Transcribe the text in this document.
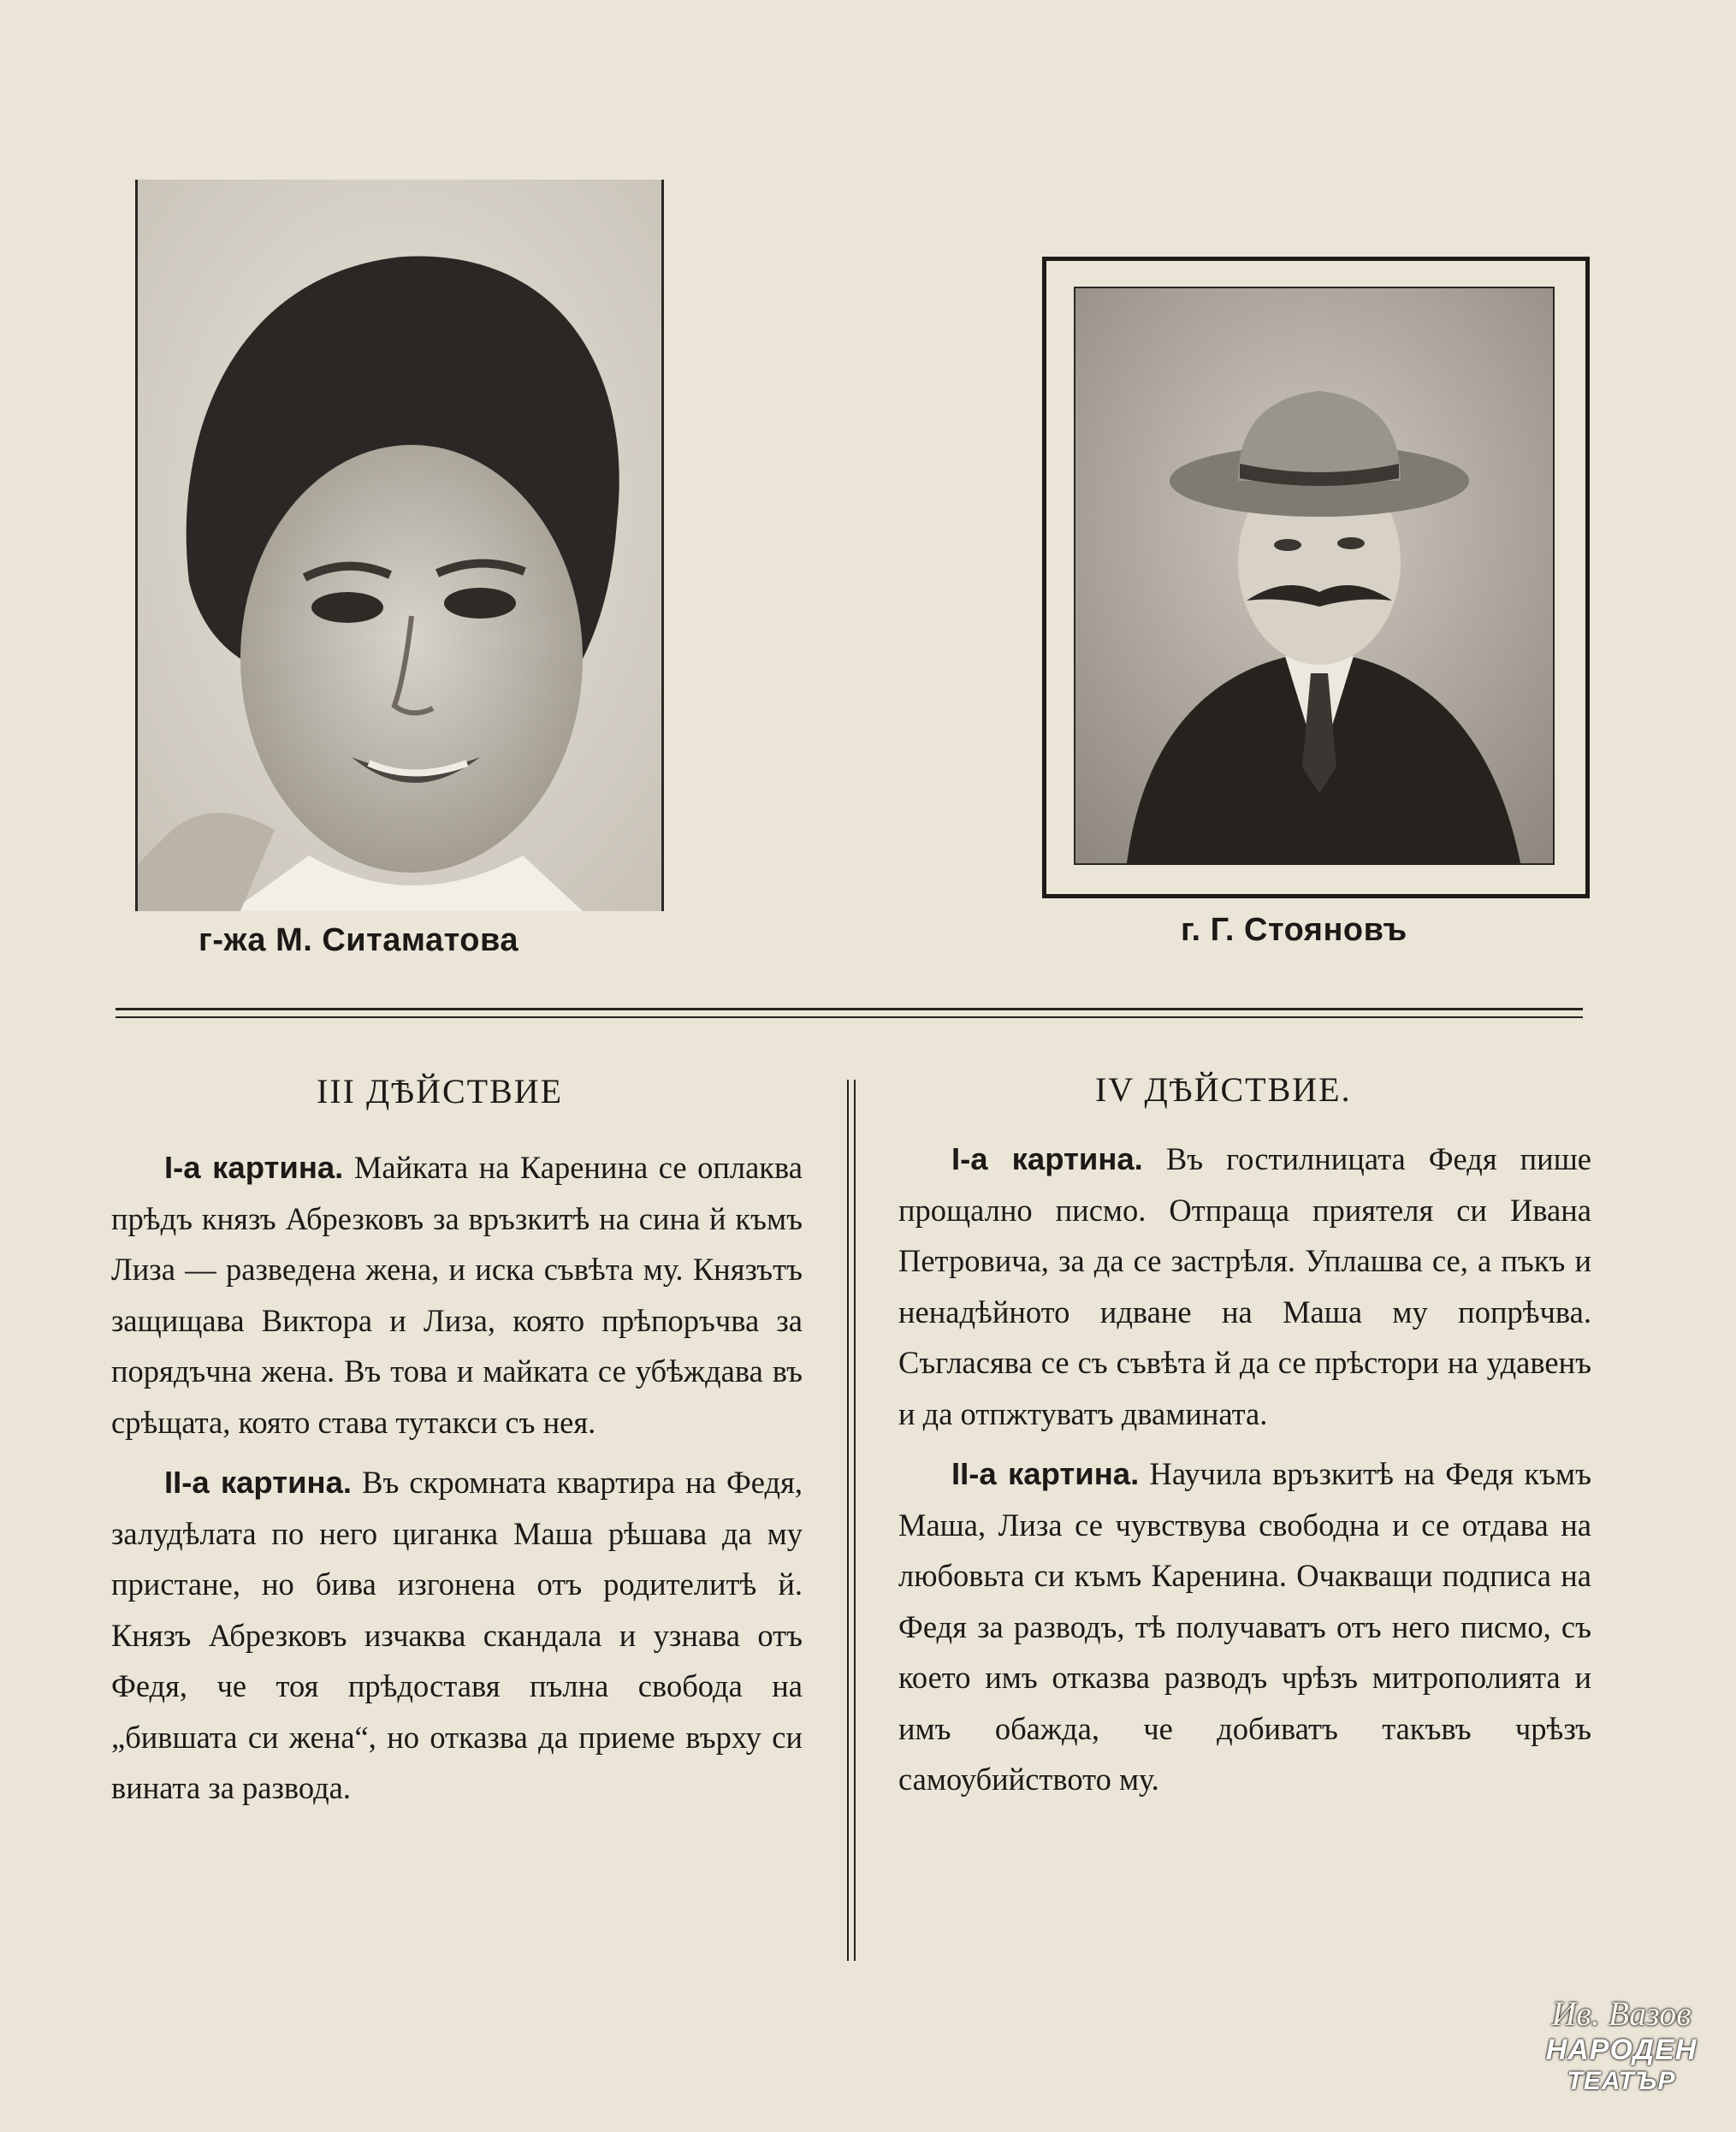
г-жа М. Ситаматова	г. Г. Стояновъ
III ДѢЙСТВИЕ

I-а картина. Майката на Каренина се оплаква прѣдъ князъ Абрезковъ за връзкитѣ на сина й къмъ Лиза — разведена жена, и иска съвѣта му. Князътъ защищава Виктора и Лиза, която прѣпоръчва за порядъчна жена. Въ това и майката се убѣждава въ срѣщата, която става тутакси съ нея.

II-а картина. Въ скромната квартира на Федя, залудѣлата по него циганка Маша рѣшава да му пристане, но бива изгонена отъ родителитѣ й. Князъ Абрезковъ изчаква скандала и узнава отъ Федя, че тоя прѣдоставя пълна свобода на „бившата си жена“, но отказва да приеме върху си вината за развода.

IV ДѢЙСТВИЕ.

I-а картина. Въ гостилницата Федя пише прощално писмо. Отпраща приятеля си Ивана Петровича, за да се застрѣля. Уплашва се, а пъкъ и ненадѣйното идване на Маша му попрѣчва. Съгласява се съ съвѣта й да се прѣстори на удавенъ и да отпжтуватъ двамината.

II-а картина. Научила връзкитѣ на Федя къмъ Маша, Лиза се чувствува свободна и се отдава на любовьта си къмъ Каренина. Очакващи подписа на Федя за разводъ, тѣ получаватъ отъ него писмо, съ което имъ отказва разводъ чрѣзъ митрополията и имъ обажда, че добиватъ такъвъ чрѣзъ самоубийството му.

Ив. Вазов
НАРОДЕН
ТЕАТЪР
